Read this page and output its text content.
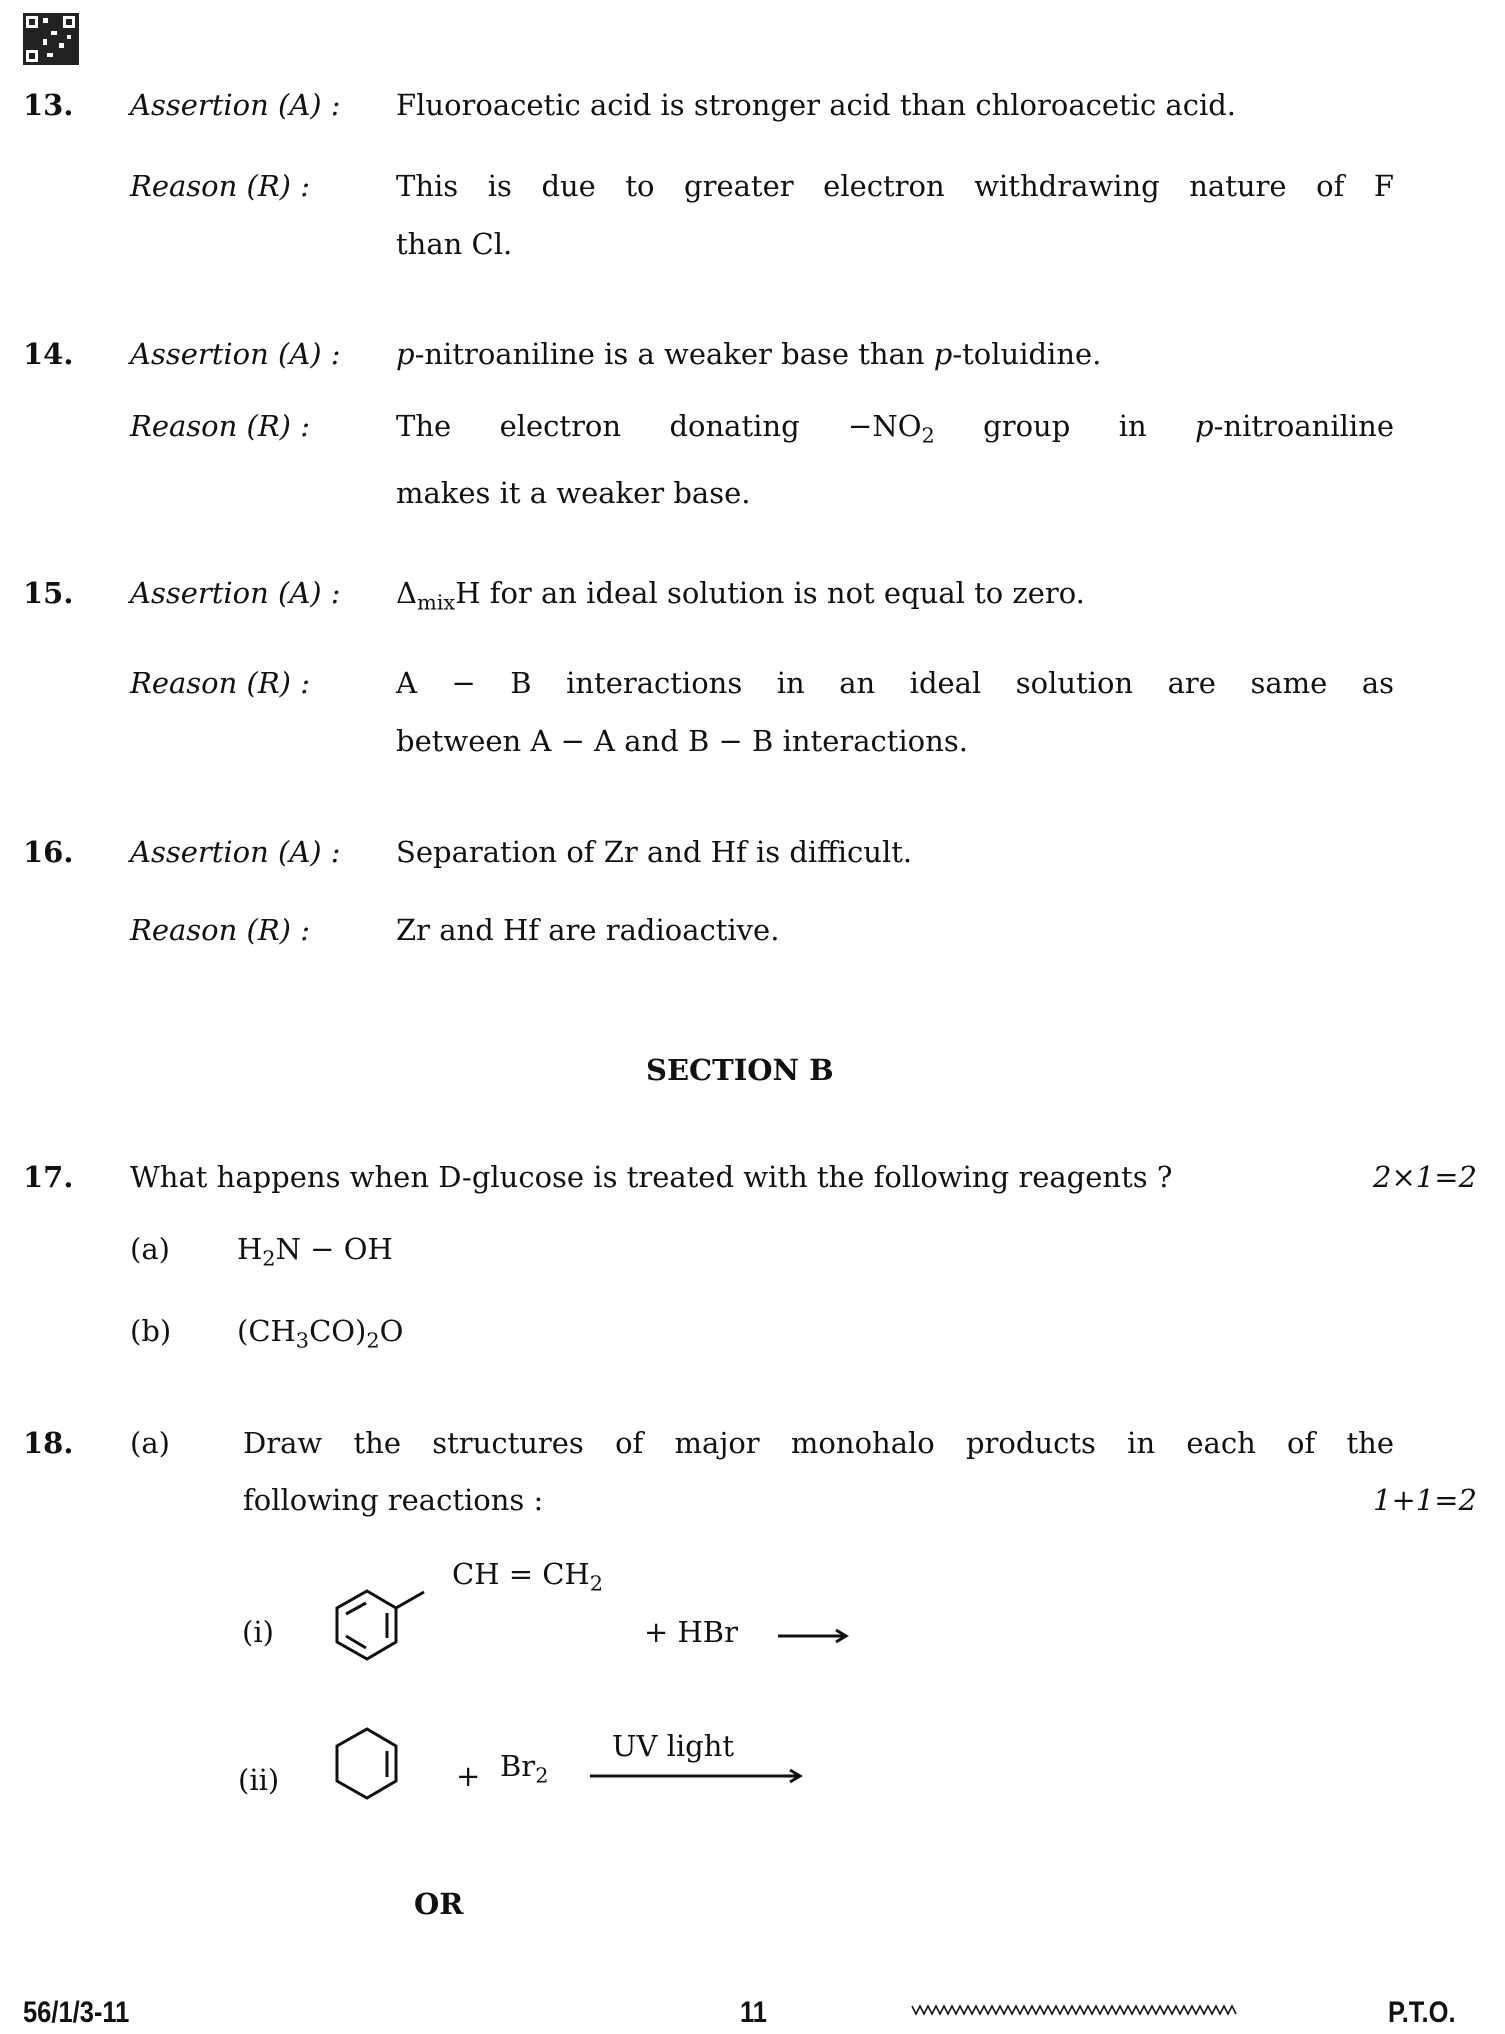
13. Assertion (A) : Fluoroacetic acid is stronger acid than chloroacetic acid.
Reason (R) :	This is due to greater electron withdrawing nature of F
than Cl.
14. Assertion (A) : p-nitroaniline is a weaker base than p-toluidine.
Reason (R) :	The electron donating $-NO_2$ group in p-nitroaniline
makes it a weaker base.
15. Assertion (A) : $\Delta_{mix}H$ for an ideal solution is not equal to zero.
Reason (R) :	A − B interactions in an ideal solution are same as
between A − A and B − B interactions.
16. Assertion (A) : Separation of Zr and Hf is difficult.
Reason (R) :	Zr and Hf are radioactive.
SECTION B
17. What happens when D-glucose is treated with the following reagents ?	2×1=2
(a) $H_2N$ − OH
(b) $(CH_3CO)_2O$
18. (a)	Draw the structures of major monohalo products in each of the
following reactions :	1+1=2
(i)
CH = $CH_2$
+ HBr →
(ii)	+ $Br_2$
UV light
OR
56/1/3-11	11	P.T.O.
